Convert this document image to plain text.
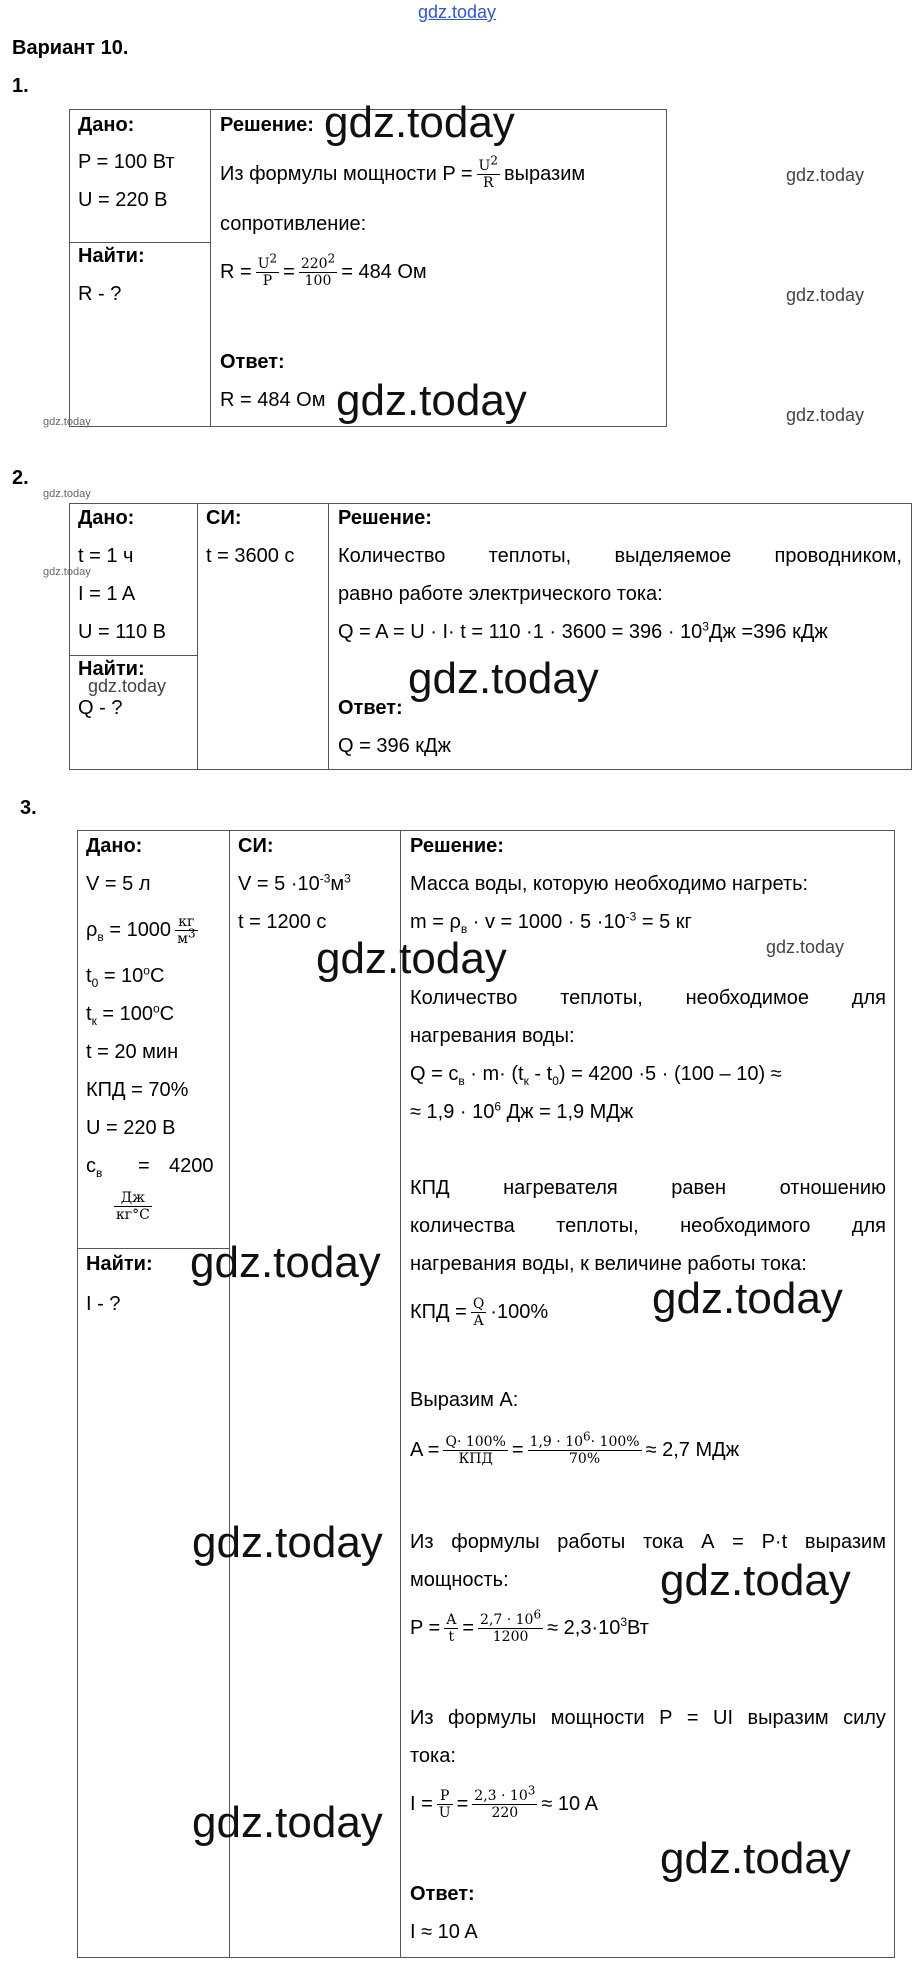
gdz.today
Вариант 10.
1.
Дано:
P = 100 Вт
U = 220 В
Найти:
R - ?
Решение:
Из формулы мощности $P = \frac{U^2}{R}$ выразим
сопротивление:
$R = \frac{U^2}{P} = \frac{220^2}{100} = 484$ Ом
Ответ:
R = 484 Ом
2.
Дано:
t = 1 ч
I = 1 A
U = 110 В
Найти:
Q - ?
СИ:
t = 3600 с
Решение:
Количество теплоты, выделяемое проводником,
равно работе электрического тока:
$Q = A = U \cdot I\cdot t = 110 \cdot 1 \cdot 3600 = 396 \cdot 10^3Дж =396$ кДж
Ответ:
Q = 396 кДж
3.
Дано:
V = 5 л
$\rho_в = 1000 \frac{кг}{м^3}$
$t_0 = 10^oC$
$t_к = 100^oC$
t = 20 мин
КПД = 70%
U = 220 В
$c_в = 4200$
$\frac{Дж}{кг^\circ C}$
Найти:
I - ?
СИ:
$V = 5 \cdot 10^{-3}м^3$
t = 1200 с
Решение:
Масса воды, которую необходимо нагреть:
$m = \rho_в \cdot v = 1000 \cdot 5 \cdot 10^{-3} = 5$ кг
Количество теплоты, необходимое для
нагревания воды:
$Q = c_в \cdot m\cdot (t_к - t_0) = 4200 \cdot 5 \cdot (100 - 10)$ ≈
≈ $1,9 \cdot 10^6$ Дж = 1,9 МДж
КПД	нагревателя	равен	отношению
количества теплоты, необходимого для
нагревания воды, к величине работы тока:
КПД = $\frac{Q}{A} \cdot 100\%$
Выразим А:
$A = \frac{Q\cdot 100\%}{\text{КПД}} = \frac{1,9 \cdot 10^6\cdot 100\%}{70\%} \approx 2,7$ МДж
Из формулы работы тока A = P·t выразим
мощность:
$P = \frac{A}{t} = \frac{2,7 \cdot 10^6}{1200} \approx 2,3\cdot 10^3Вт$
Из формулы мощности P = UI выразим силу
тока:
$I = \frac{P}{U} = \frac{2,3 \cdot 10^3}{220} \approx 10$ A
Ответ:
I ≈ 10 A
gdz.today
gdz.today
gdz.today
gdz.today
gdz.today
gdz.today
gdz.today
gdz.today
gdz.today
gdz.today
gdz.today
gdz.today
gdz.today
gdz.today
gdz.today
gdz.today
gdz.today
gdz.today
